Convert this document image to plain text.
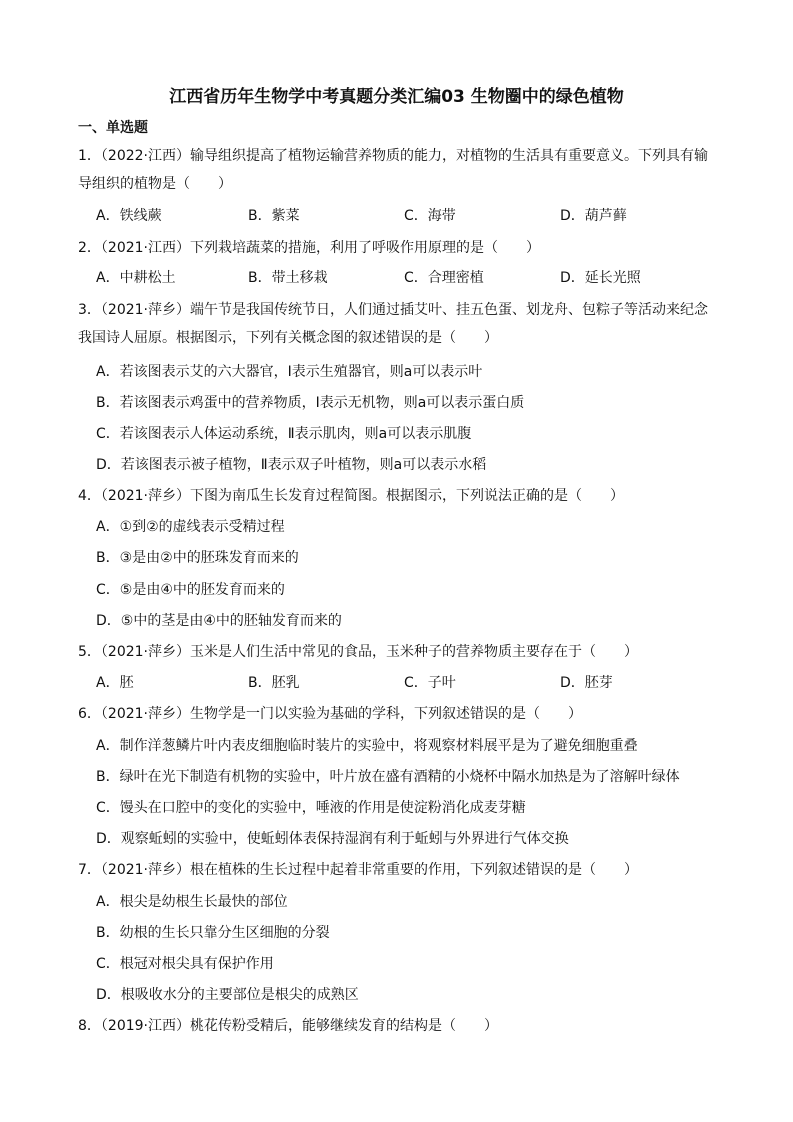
江西省历年生物学中考真题分类汇编03 生物圈中的绿色植物
一、单选题
1．（2022·江西）输导组织提高了植物运输营养物质的能力，对植物的生活具有重要意义。下列具有输
导组织的植物是（　　）
A．铁线蕨	B．紫菜	C．海带	D．葫芦藓
2．（2021·江西）下列栽培蔬菜的措施，利用了呼吸作用原理的是（　　）
A．中耕松土	B．带土移栽	C．合理密植	D．延长光照
3．（2021·萍乡）端午节是我国传统节日，人们通过插艾叶、挂五色蛋、划龙舟、包粽子等活动来纪念
我国诗人屈原。根据图示，下列有关概念图的叙述错误的是（　　）
A．若该图表示艾的六大器官，Ⅰ表示生殖器官，则a可以表示叶
B．若该图表示鸡蛋中的营养物质，Ⅰ表示无机物，则a可以表示蛋白质
C．若该图表示人体运动系统，Ⅱ表示肌肉，则a可以表示肌腹
D．若该图表示被子植物，Ⅱ表示双子叶植物，则a可以表示水稻
4．（2021·萍乡）下图为南瓜生长发育过程简图。根据图示，下列说法正确的是（　　）
A．①到②的虚线表示受精过程
B．③是由②中的胚珠发育而来的
C．⑤是由④中的胚发育而来的
D．⑤中的茎是由④中的胚轴发育而来的
5．（2021·萍乡）玉米是人们生活中常见的食品，玉米种子的营养物质主要存在于（　　）
A．胚	B．胚乳	C．子叶	D．胚芽
6．（2021·萍乡）生物学是一门以实验为基础的学科，下列叙述错误的是（　　）
A．制作洋葱鳞片叶内表皮细胞临时装片的实验中，将观察材料展平是为了避免细胞重叠
B．绿叶在光下制造有机物的实验中，叶片放在盛有酒精的小烧杯中隔水加热是为了溶解叶绿体
C．馒头在口腔中的变化的实验中，唾液的作用是使淀粉消化成麦芽糖
D．观察蚯蚓的实验中，使蚯蚓体表保持湿润有利于蚯蚓与外界进行气体交换
7．（2021·萍乡）根在植株的生长过程中起着非常重要的作用，下列叙述错误的是（　　）
A．根尖是幼根生长最快的部位
B．幼根的生长只靠分生区细胞的分裂
C．根冠对根尖具有保护作用
D．根吸收水分的主要部位是根尖的成熟区
8．（2019·江西）桃花传粉受精后，能够继续发育的结构是（　　）
